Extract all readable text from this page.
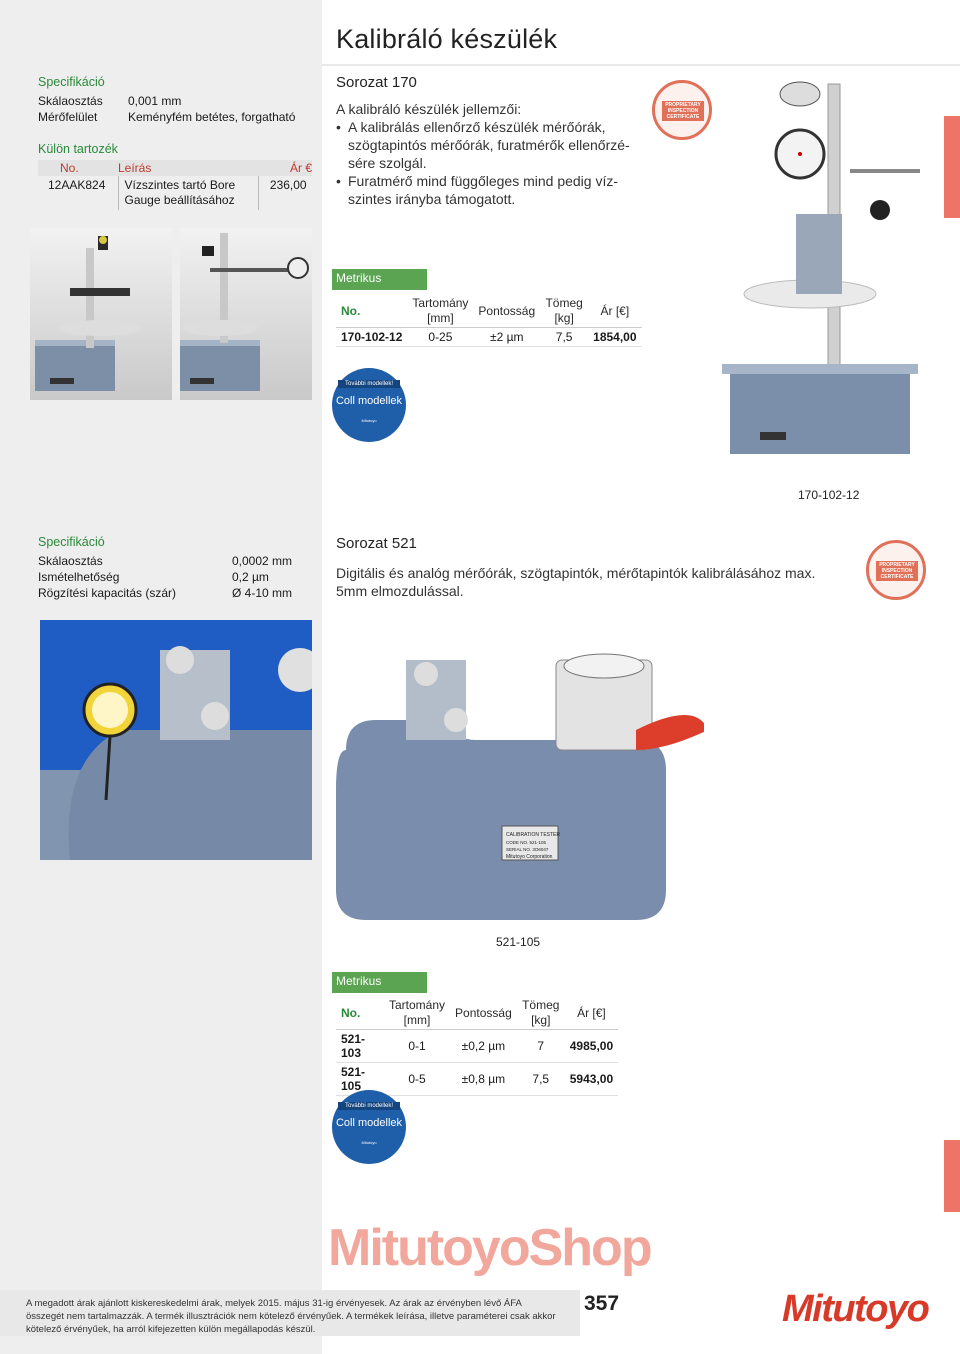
Kalibráló készülék
Specifikáció
Skálaosztás	0,001 mm
Mérőfelület	Keményfém betétes, forgatható
Külön tartozék
No.	Leírás	Ár €
12AAK824	Vízszintes tartó Bore Gauge beállításához	236,00
Sorozat 170
A kalibráló készülék jellemzői:
• A kalibrálás ellenőrző készülék mérőórák, szögtapintós mérőórák, furatmérők ellenőrzé-sére szolgál.
• Furatmérő mind függőleges mind pedig víz-szintes irányba támogatott.
PROPRIETARY
INSPECTION
CERTIFICATE
Metrikus
No.	Tartomány [mm]	Pontosság	Tömeg [kg]	Ár [€]
170-102-12	0-25	±2 µm	7,5	1854,00
További modellek!
Coll modellek
Mitutoyo
170-102-12
Specifikáció
Skálaosztás	0,0002 mm
Ismételhetőség	0,2 µm
Rögzítési kapacitás (szár)	Ø 4-10 mm
Sorozat 521
Digitális és analóg mérőórák, szögtapintók, mérőtapintók kalibrálásához max. 5mm elmozdulással.
PROPRIETARY
INSPECTION
CERTIFICATE
CALIBRATION TESTER
CODE NO. 521-105
SERIAL NO. 3O6047
Mitutoyo Corporation
521-105
Metrikus
No.	Tartomány [mm]	Pontosság	Tömeg [kg]	Ár [€]
521-103	0-1	±0,2 µm	7	4985,00
521-105	0-5	±0,8 µm	7,5	5943,00
További modellek!
Coll modellek
Mitutoyo
MitutoyoShop
A megadott árak ajánlott kiskereskedelmi árak, melyek 2015. május 31-ig érvényesek. Az árak az érvényben lévő ÁFA összegét nem tartalmazzák. A termék illusztrációk nem kötelező érvényűek. A termékek leírása, illetve paraméterei csak akkor kötelező érvényűek, ha arról kifejezetten külön megállapodás készül.
357	Mitutoyo
